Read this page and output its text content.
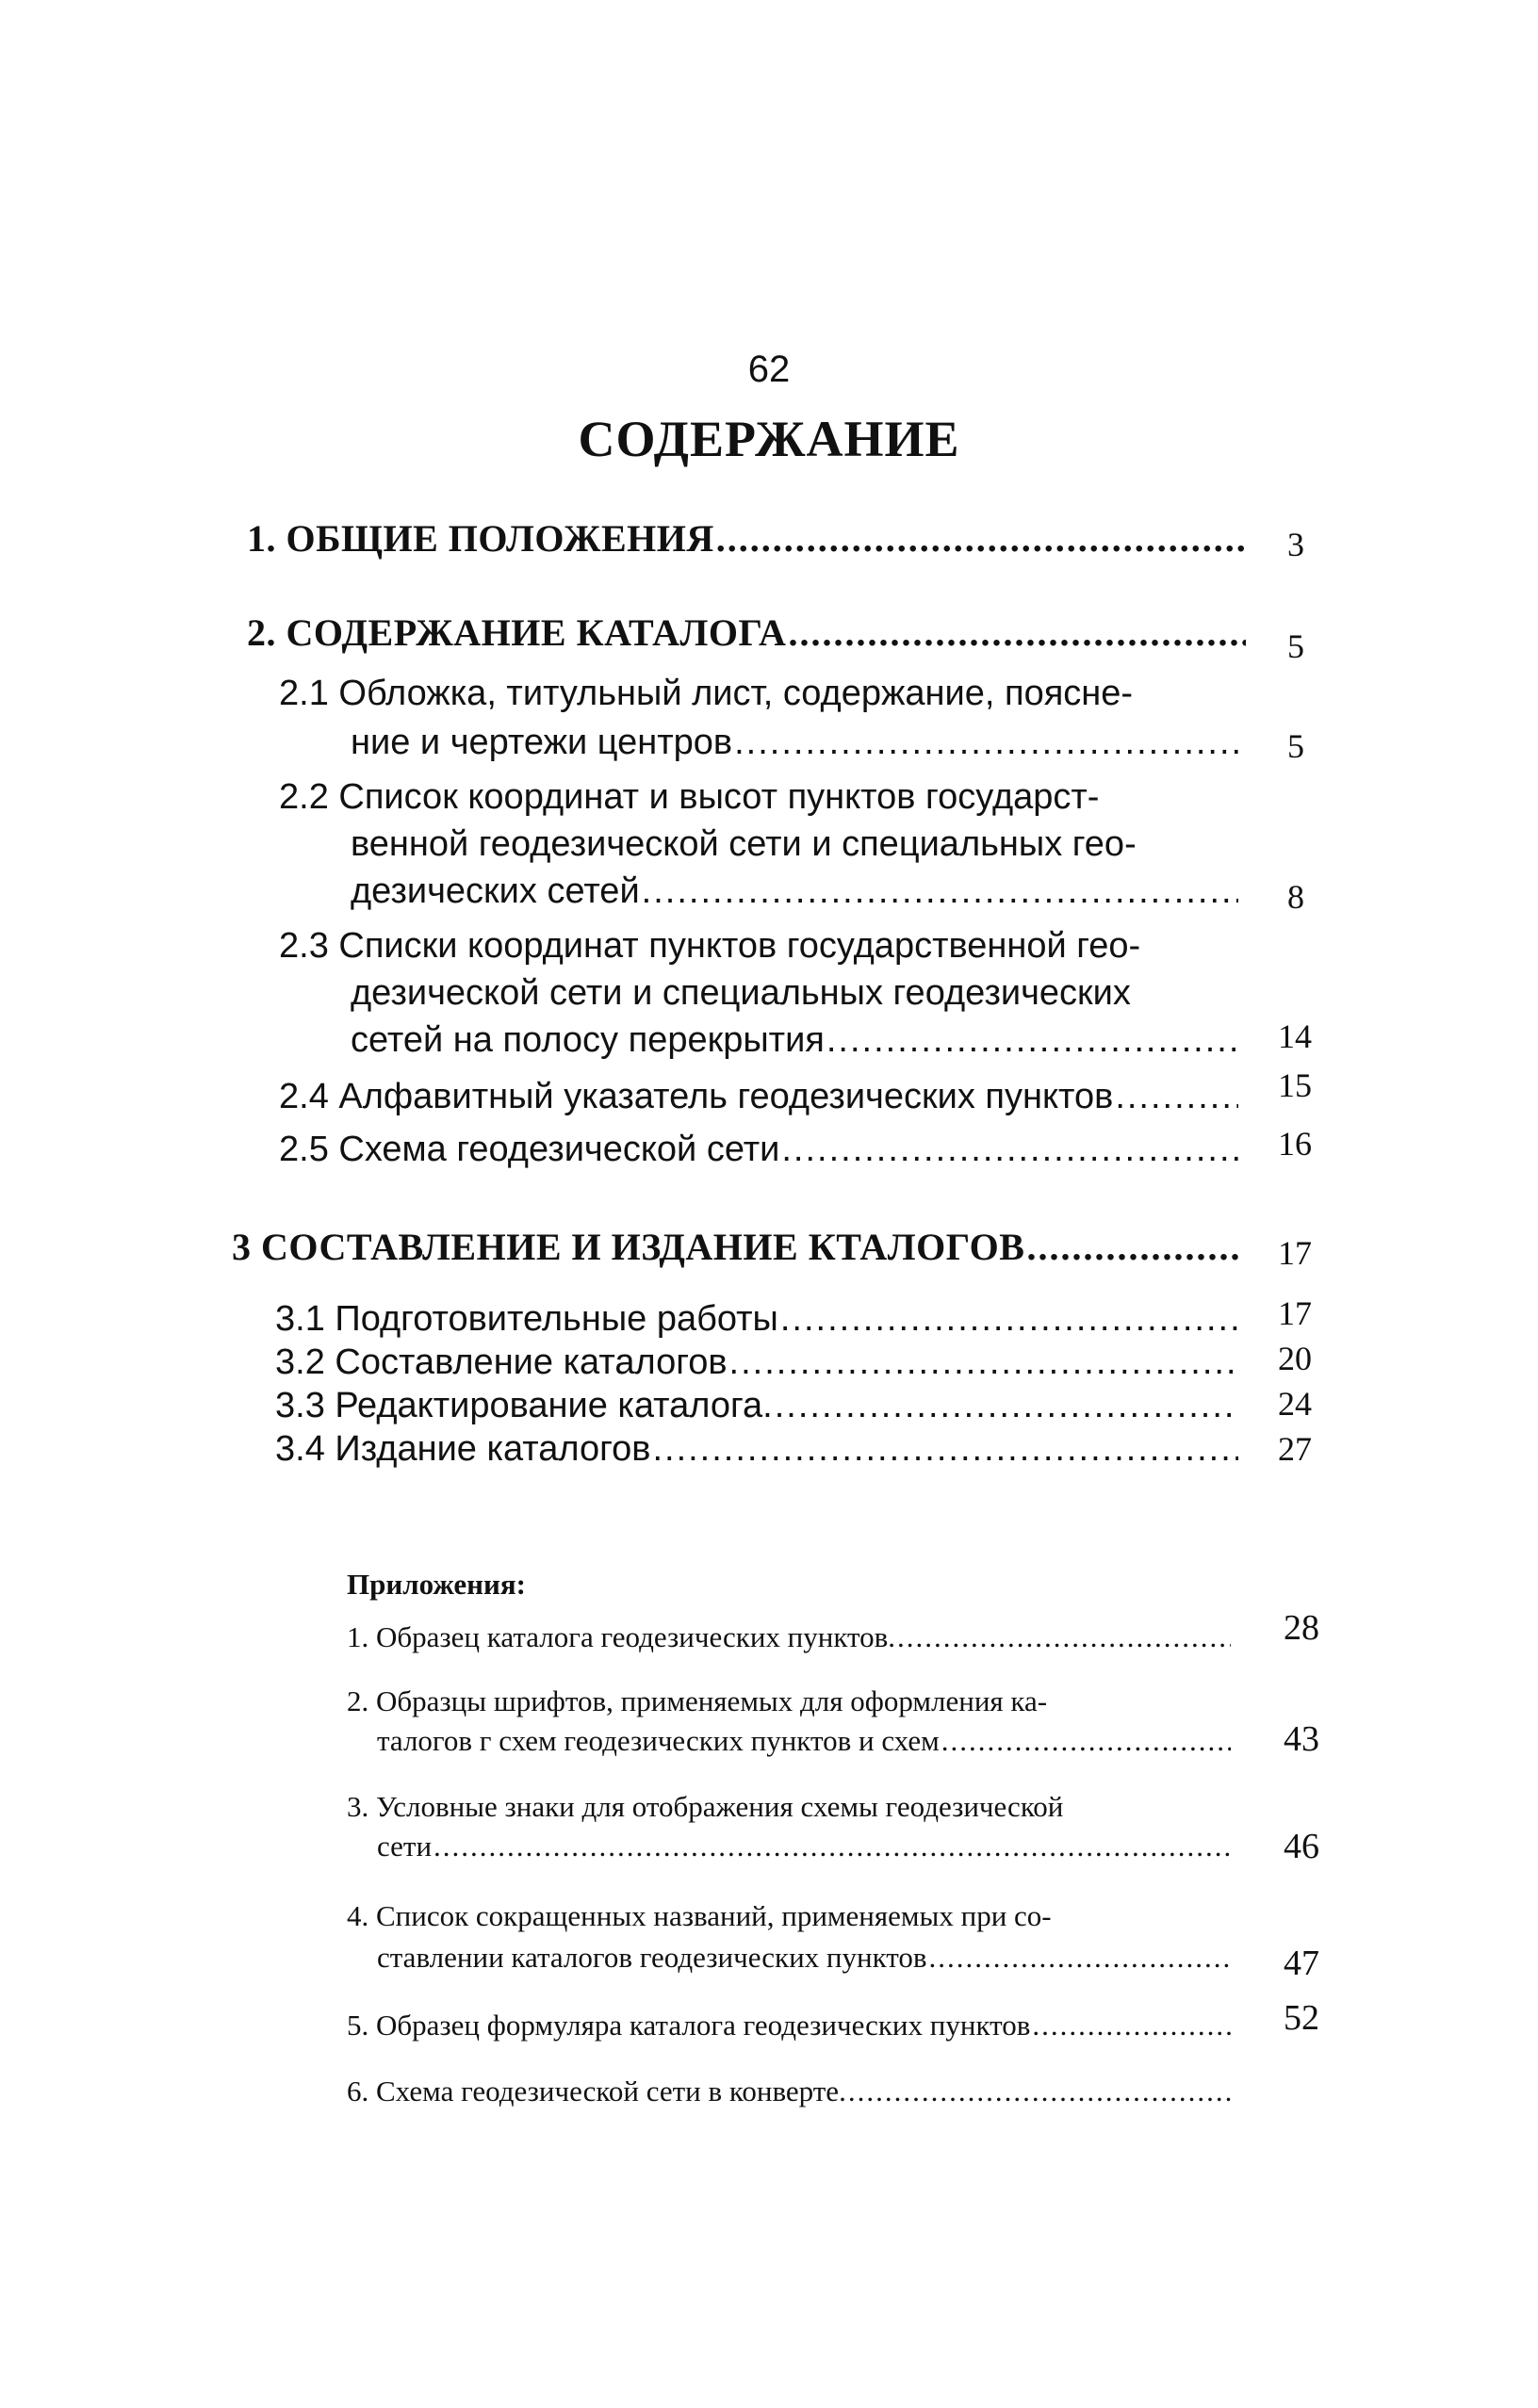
62
СОДЕРЖАНИЕ
1. ОБЩИЕ ПОЛОЖЕНИЯ .....	3
2. СОДЕРЖАНИЕ КАТАЛОГА .....	5
2.1 Обложка, титульный лист, содержание, поясне-
ние и чертежи центров .....	5
2.2 Список координат и высот пунктов государст-
венной геодезической сети и специальных гео-
дезических сетей .....	8
2.3 Списки координат пунктов государственной гео-
дезической сети и специальных геодезических
сетей на полосу перекрытия .....	14
2.4 Алфавитный указатель геодезических пунктов .....	15
2.5 Схема геодезической сети .....	16
3 СОСТАВЛЕНИЕ И ИЗДАНИЕ КТАЛОГОВ .....	17
3.1 Подготовительные работы .....	17
3.2 Составление каталогов .....	20
3.3 Редактирование каталога. .....	24
3.4 Издание каталогов .....	27
Приложения:
1. Образец каталога геодезических пунктов. .....	28
2. Образцы шрифтов, применяемых для оформления ка-
талогов г схем геодезических пунктов и схем .....	43
3. Условные знаки для отображения схемы геодезической
сети .....	46
4. Список сокращенных названий, применяемых при со-
ставлении каталогов геодезических пунктов .....	47
5. Образец формуляра каталога геодезических пунктов .....	52
6. Схема геодезической сети в конверте.
.....
